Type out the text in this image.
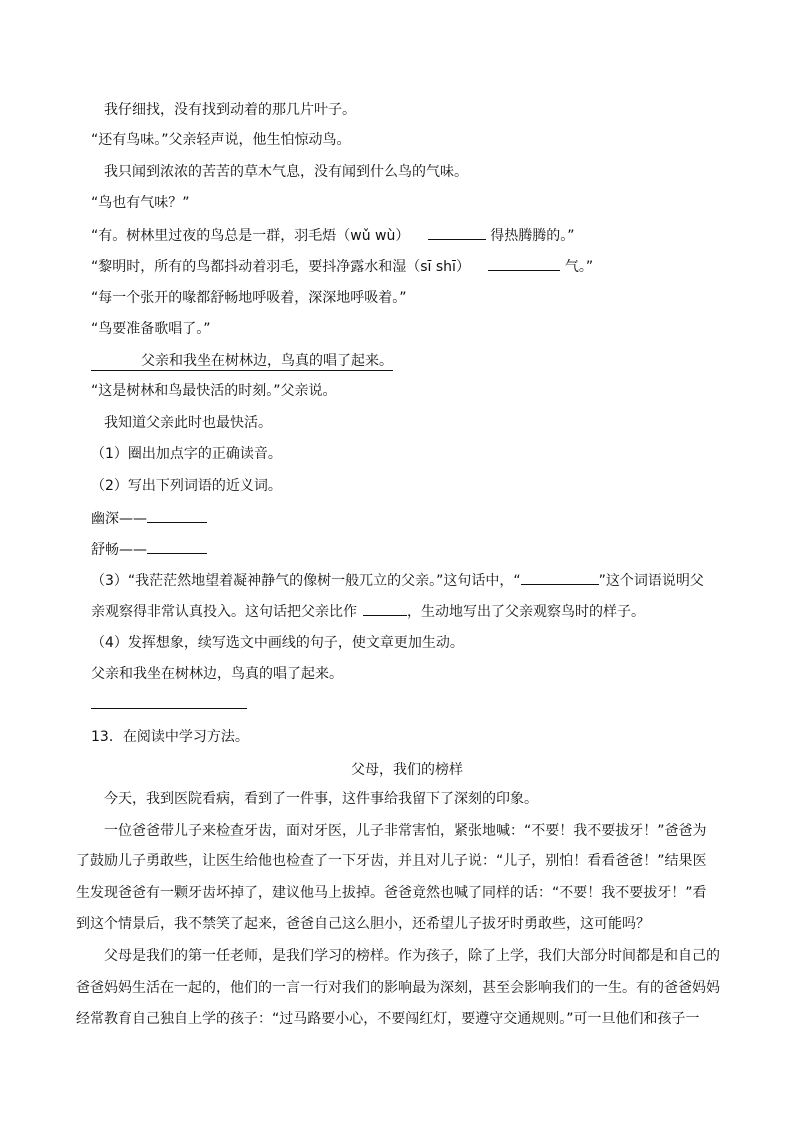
我仔细找，没有找到动着的那几片叶子。
“还有鸟味。”父亲轻声说，他生怕惊动鸟。
我只闻到浓浓的苦苦的草木气息，没有闻到什么鸟的气味。
“鸟也有气味？”
“有。树林里过夜的鸟总是一群，羽毛焐（wǔ wù）	得热腾腾的。”
“黎明时，所有的鸟都抖动着羽毛，要抖净露水和湿（sī shī）	气。”
“每一个张开的喙都舒畅地呼吸着，深深地呼吸着。”
“鸟要准备歌唱了。”
父亲和我坐在树林边，鸟真的唱了起来。
“这是树林和鸟最快活的时刻。”父亲说。
我知道父亲此时也最快活。
（1）圈出加点字的正确读音。
（2）写出下列词语的近义词。
幽深——
舒畅——
（3）“我茫茫然地望着凝神静气的像树一般兀立的父亲。”这句话中，“	”这个词语说明父
亲观察得非常认真投入。这句话把父亲比作	，生动地写出了父亲观察鸟时的样子。
（4）发挥想象，续写选文中画线的句子，使文章更加生动。
父亲和我坐在树林边，鸟真的唱了起来。
13．在阅读中学习方法。
父母，我们的榜样
今天，我到医院看病，看到了一件事，这件事给我留下了深刻的印象。
一位爸爸带儿子来检查牙齿，面对牙医，儿子非常害怕，紧张地喊：“不要！我不要拔牙！”爸爸为
了鼓励儿子勇敢些，让医生给他也检查了一下牙齿，并且对儿子说：“儿子，别怕！看看爸爸！”结果医
生发现爸爸有一颗牙齿坏掉了，建议他马上拔掉。爸爸竟然也喊了同样的话：“不要！我不要拔牙！”看
到这个情景后，我不禁笑了起来，爸爸自己这么胆小，还希望儿子拔牙时勇敢些，这可能吗？
父母是我们的第一任老师，是我们学习的榜样。作为孩子，除了上学，我们大部分时间都是和自己的
爸爸妈妈生活在一起的，他们的一言一行对我们的影响最为深刻，甚至会影响我们的一生。有的爸爸妈妈
经常教育自己独自上学的孩子：“过马路要小心，不要闯红灯，要遵守交通规则。”可一旦他们和孩子一
